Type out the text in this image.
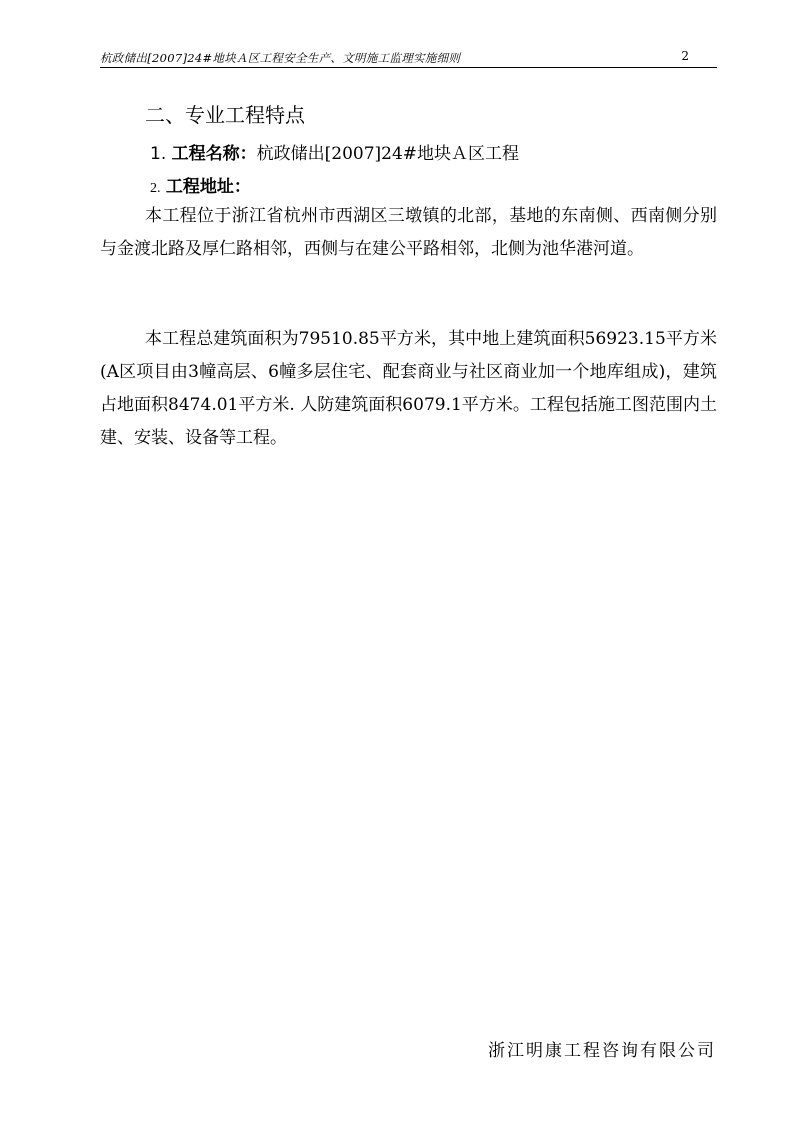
杭政储出[2007]24#地块Ａ区工程安全生产、文明施工监理实施细则	2
二、专业工程特点
1. 工程名称：杭政储出[2007]24#地块Ａ区工程
2. 工程地址：

本工程位于浙江省杭州市西湖区三墩镇的北部，基地的东南侧、西南侧分别与金渡北路及厚仁路相邻，西侧与在建公平路相邻，北侧为池华港河道。

本工程总建筑面积为79510.85平方米，其中地上建筑面积56923.15平方米(A区项目由3幢高层、6幢多层住宅、配套商业与社区商业加一个地库组成)，建筑占地面积8474.01平方米. 人防建筑面积6079.1平方米。工程包括施工图范围内土建、安装、设备等工程。

浙江明康工程咨询有限公司
